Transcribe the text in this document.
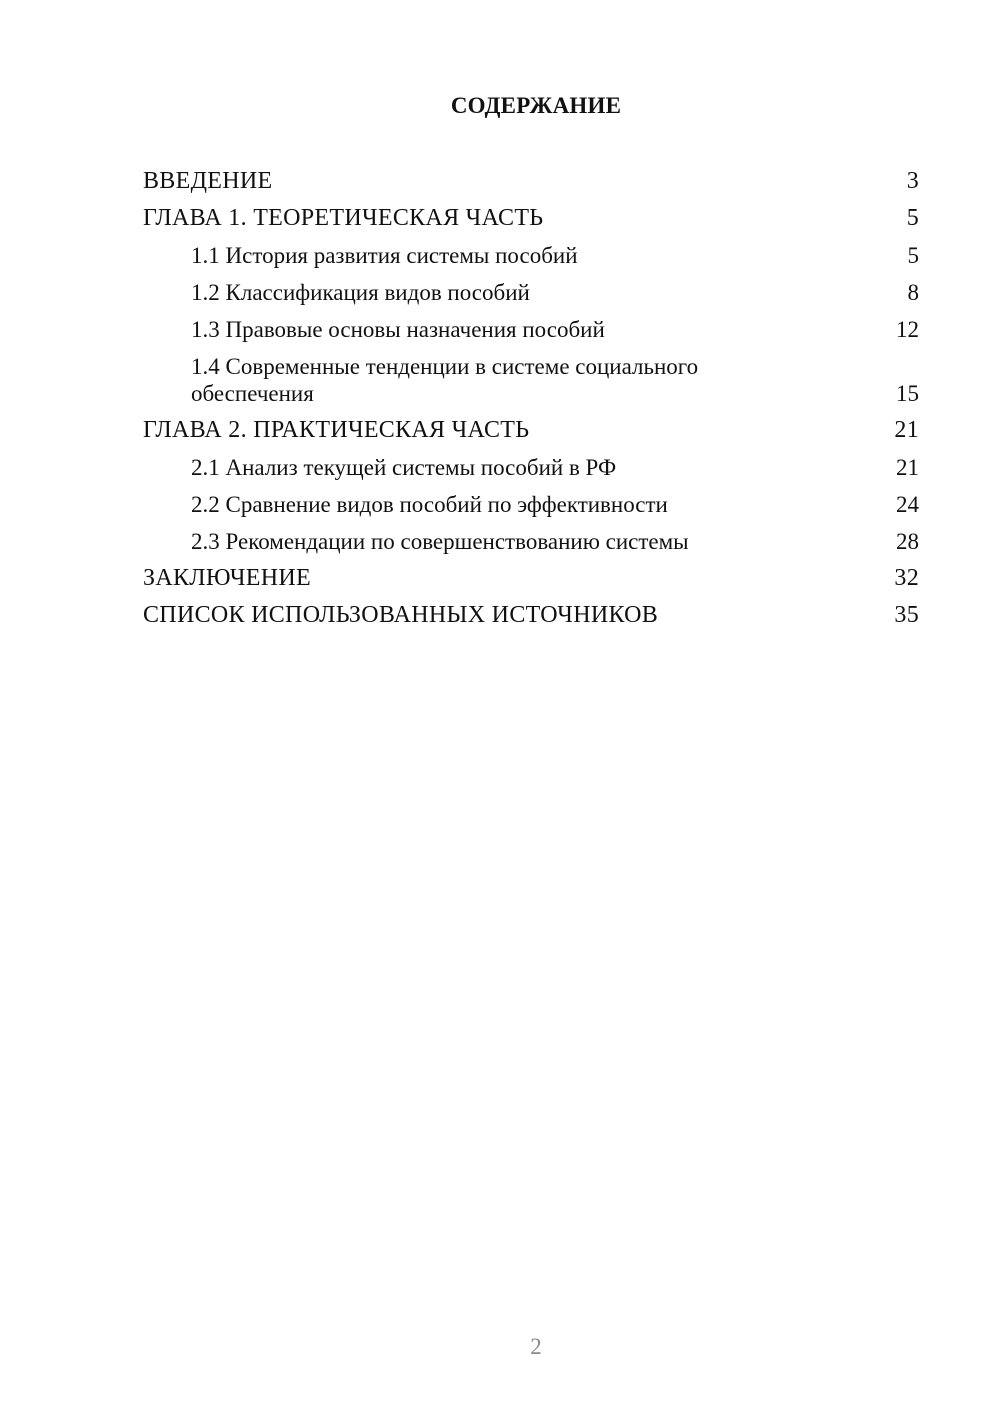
СОДЕРЖАНИЕ
ВВЕДЕНИЕ	3
ГЛАВА 1. ТЕОРЕТИЧЕСКАЯ ЧАСТЬ	5
1.1 История развития системы пособий	5
1.2 Классификация видов пособий	8
1.3 Правовые основы назначения пособий	12
1.4 Современные тенденции в системе социального обеспечения	15
ГЛАВА 2. ПРАКТИЧЕСКАЯ ЧАСТЬ	21
2.1 Анализ текущей системы пособий в РФ	21
2.2 Сравнение видов пособий по эффективности	24
2.3 Рекомендации по совершенствованию системы	28
ЗАКЛЮЧЕНИЕ	32
СПИСОК ИСПОЛЬЗОВАННЫХ ИСТОЧНИКОВ	35
2
